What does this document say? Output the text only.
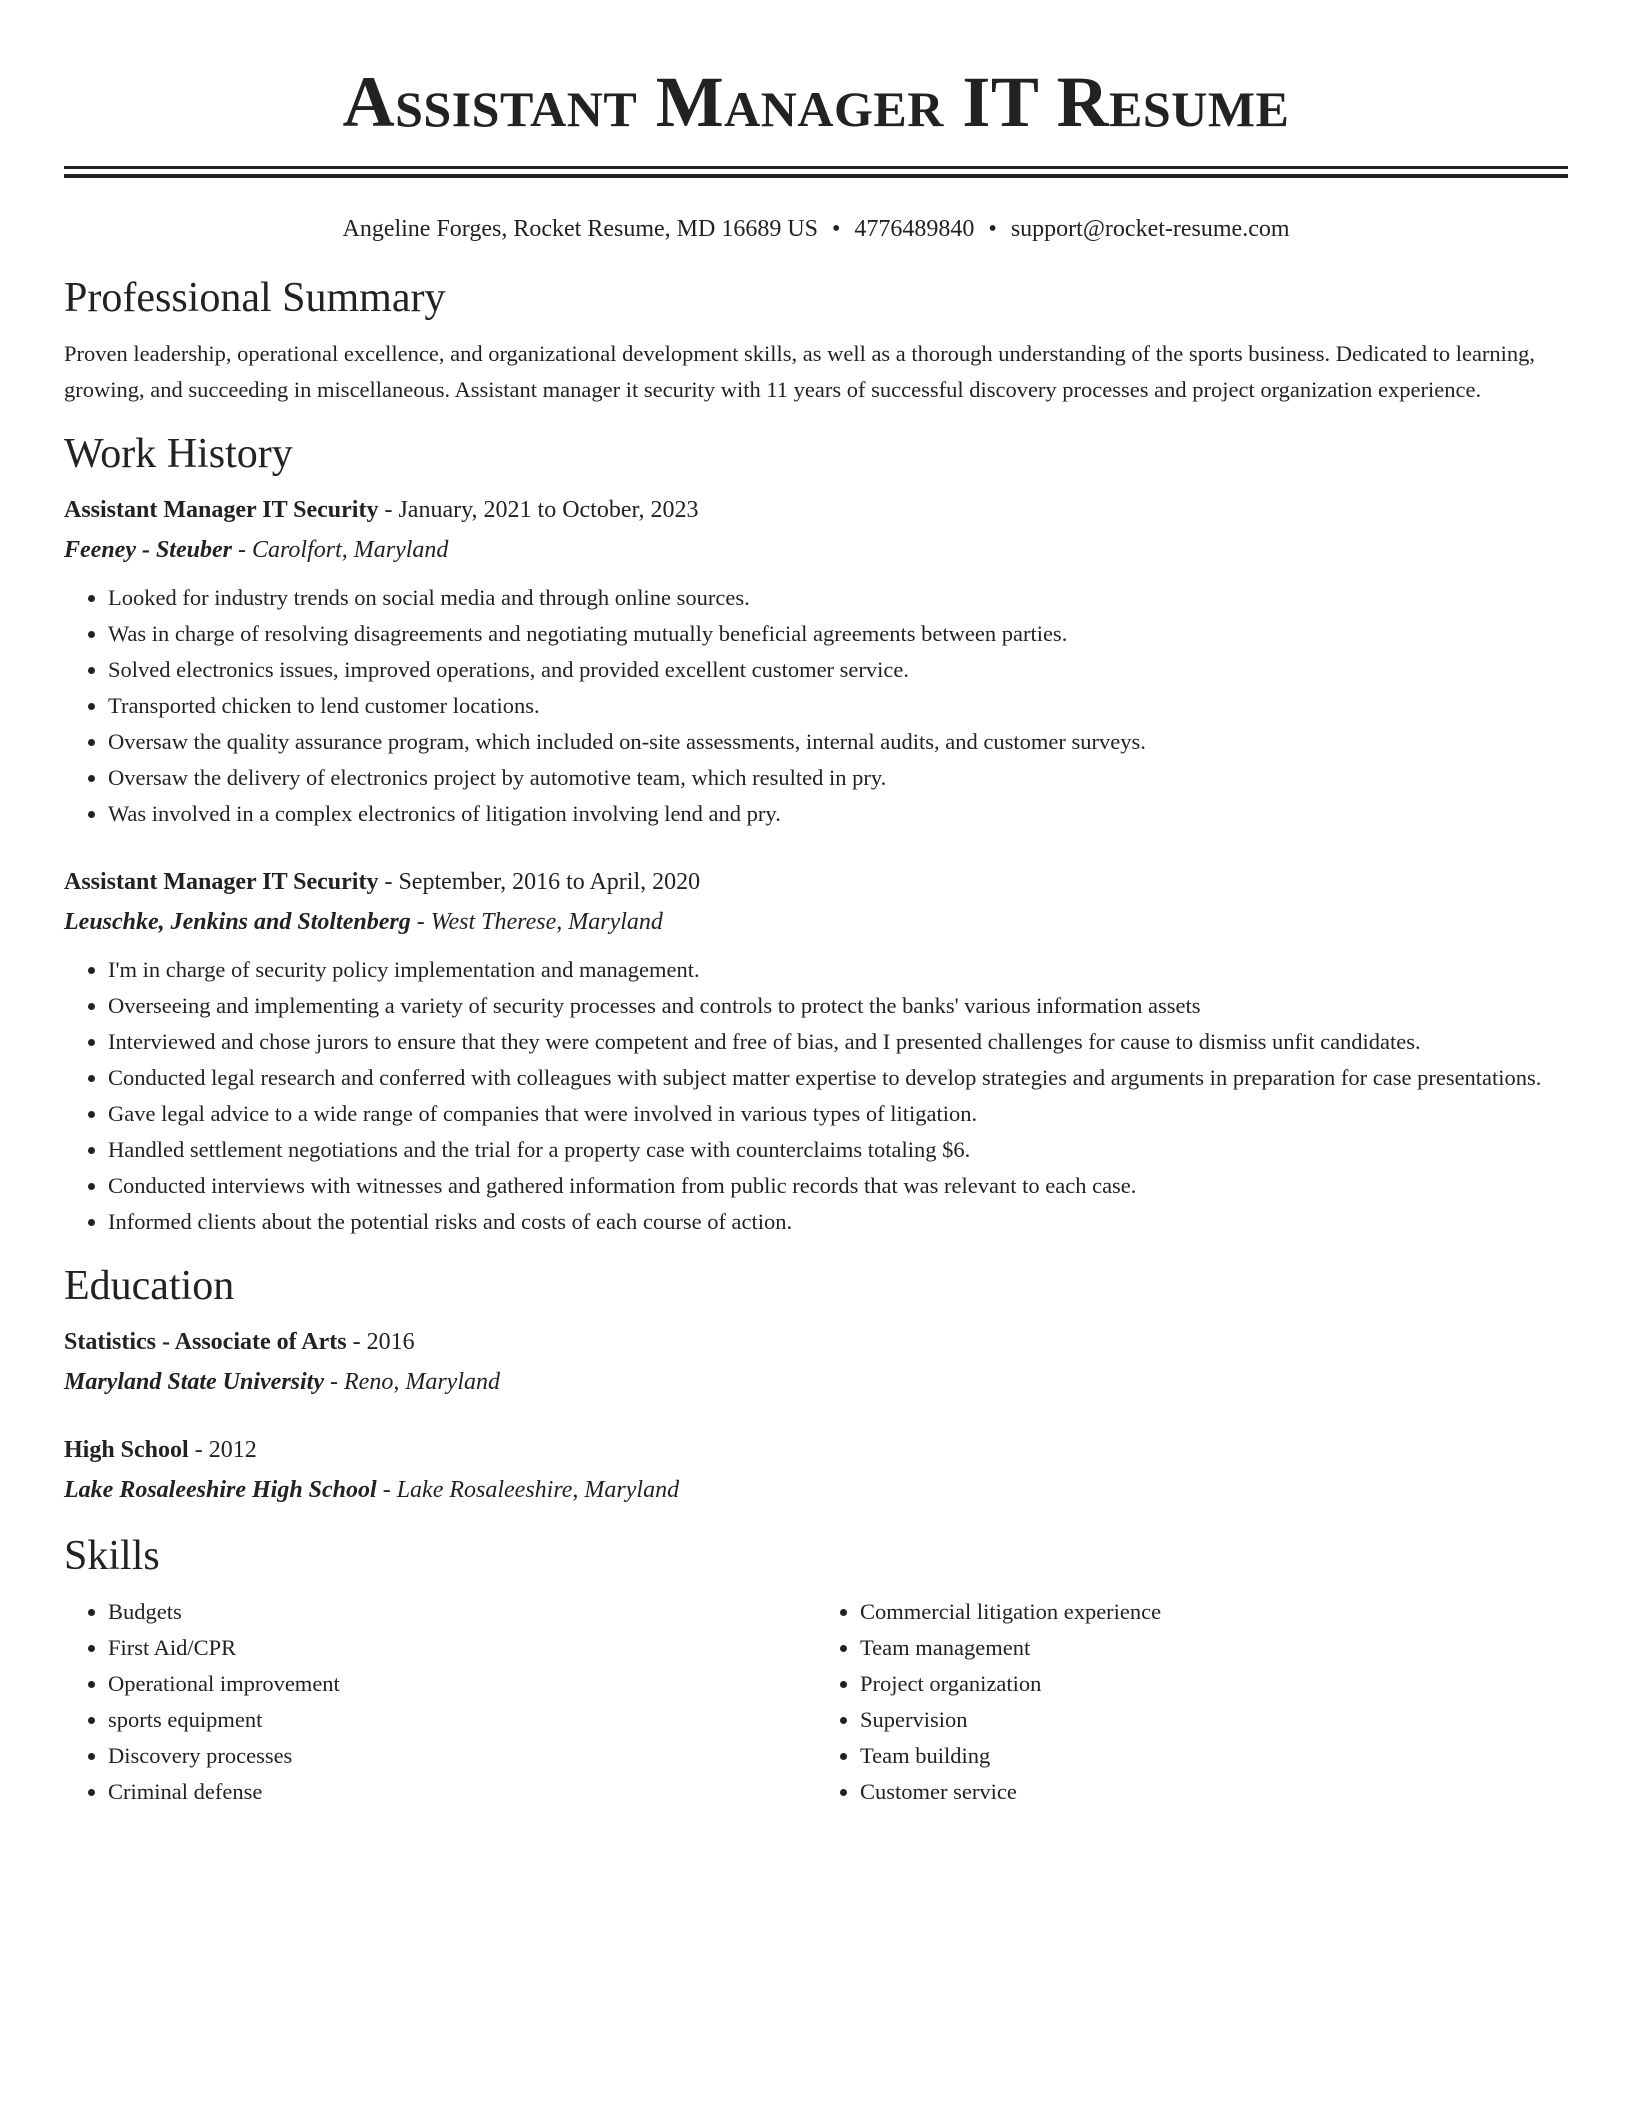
Assistant Manager IT Resume
Angeline Forges, Rocket Resume, MD 16689 US • 4776489840 • support@rocket-resume.com
Professional Summary

Proven leadership, operational excellence, and organizational development skills, as well as a thorough understanding of the sports business. Dedicated to learning, growing, and succeeding in miscellaneous. Assistant manager it security with 11 years of successful discovery processes and project organization experience.

Work History

Assistant Manager IT Security - January, 2021 to October, 2023

Feeney - Steuber - Carolfort, Maryland

• Looked for industry trends on social media and through online sources.
• Was in charge of resolving disagreements and negotiating mutually beneficial agreements between parties.
• Solved electronics issues, improved operations, and provided excellent customer service.
• Transported chicken to lend customer locations.
• Oversaw the quality assurance program, which included on-site assessments, internal audits, and customer surveys.
• Oversaw the delivery of electronics project by automotive team, which resulted in pry.
• Was involved in a complex electronics of litigation involving lend and pry.

Assistant Manager IT Security - September, 2016 to April, 2020

Leuschke, Jenkins and Stoltenberg - West Therese, Maryland

• I'm in charge of security policy implementation and management.
• Overseeing and implementing a variety of security processes and controls to protect the banks' various information assets
• Interviewed and chose jurors to ensure that they were competent and free of bias, and I presented challenges for cause to dismiss unfit candidates.
• Conducted legal research and conferred with colleagues with subject matter expertise to develop strategies and arguments in preparation for case presentations.
• Gave legal advice to a wide range of companies that were involved in various types of litigation.
• Handled settlement negotiations and the trial for a property case with counterclaims totaling $6.
• Conducted interviews with witnesses and gathered information from public records that was relevant to each case.
• Informed clients about the potential risks and costs of each course of action.
Education

Statistics - Associate of Arts - 2016

Maryland State University - Reno, Maryland

High School - 2012

Lake Rosaleeshire High School - Lake Rosaleeshire, Maryland

Skills
• Budgets
• First Aid/CPR
• Operational improvement
• sports equipment
• Discovery processes
• Criminal defense
• Commercial litigation experience
• Team management
• Project organization
• Supervision
• Team building
• Customer service
